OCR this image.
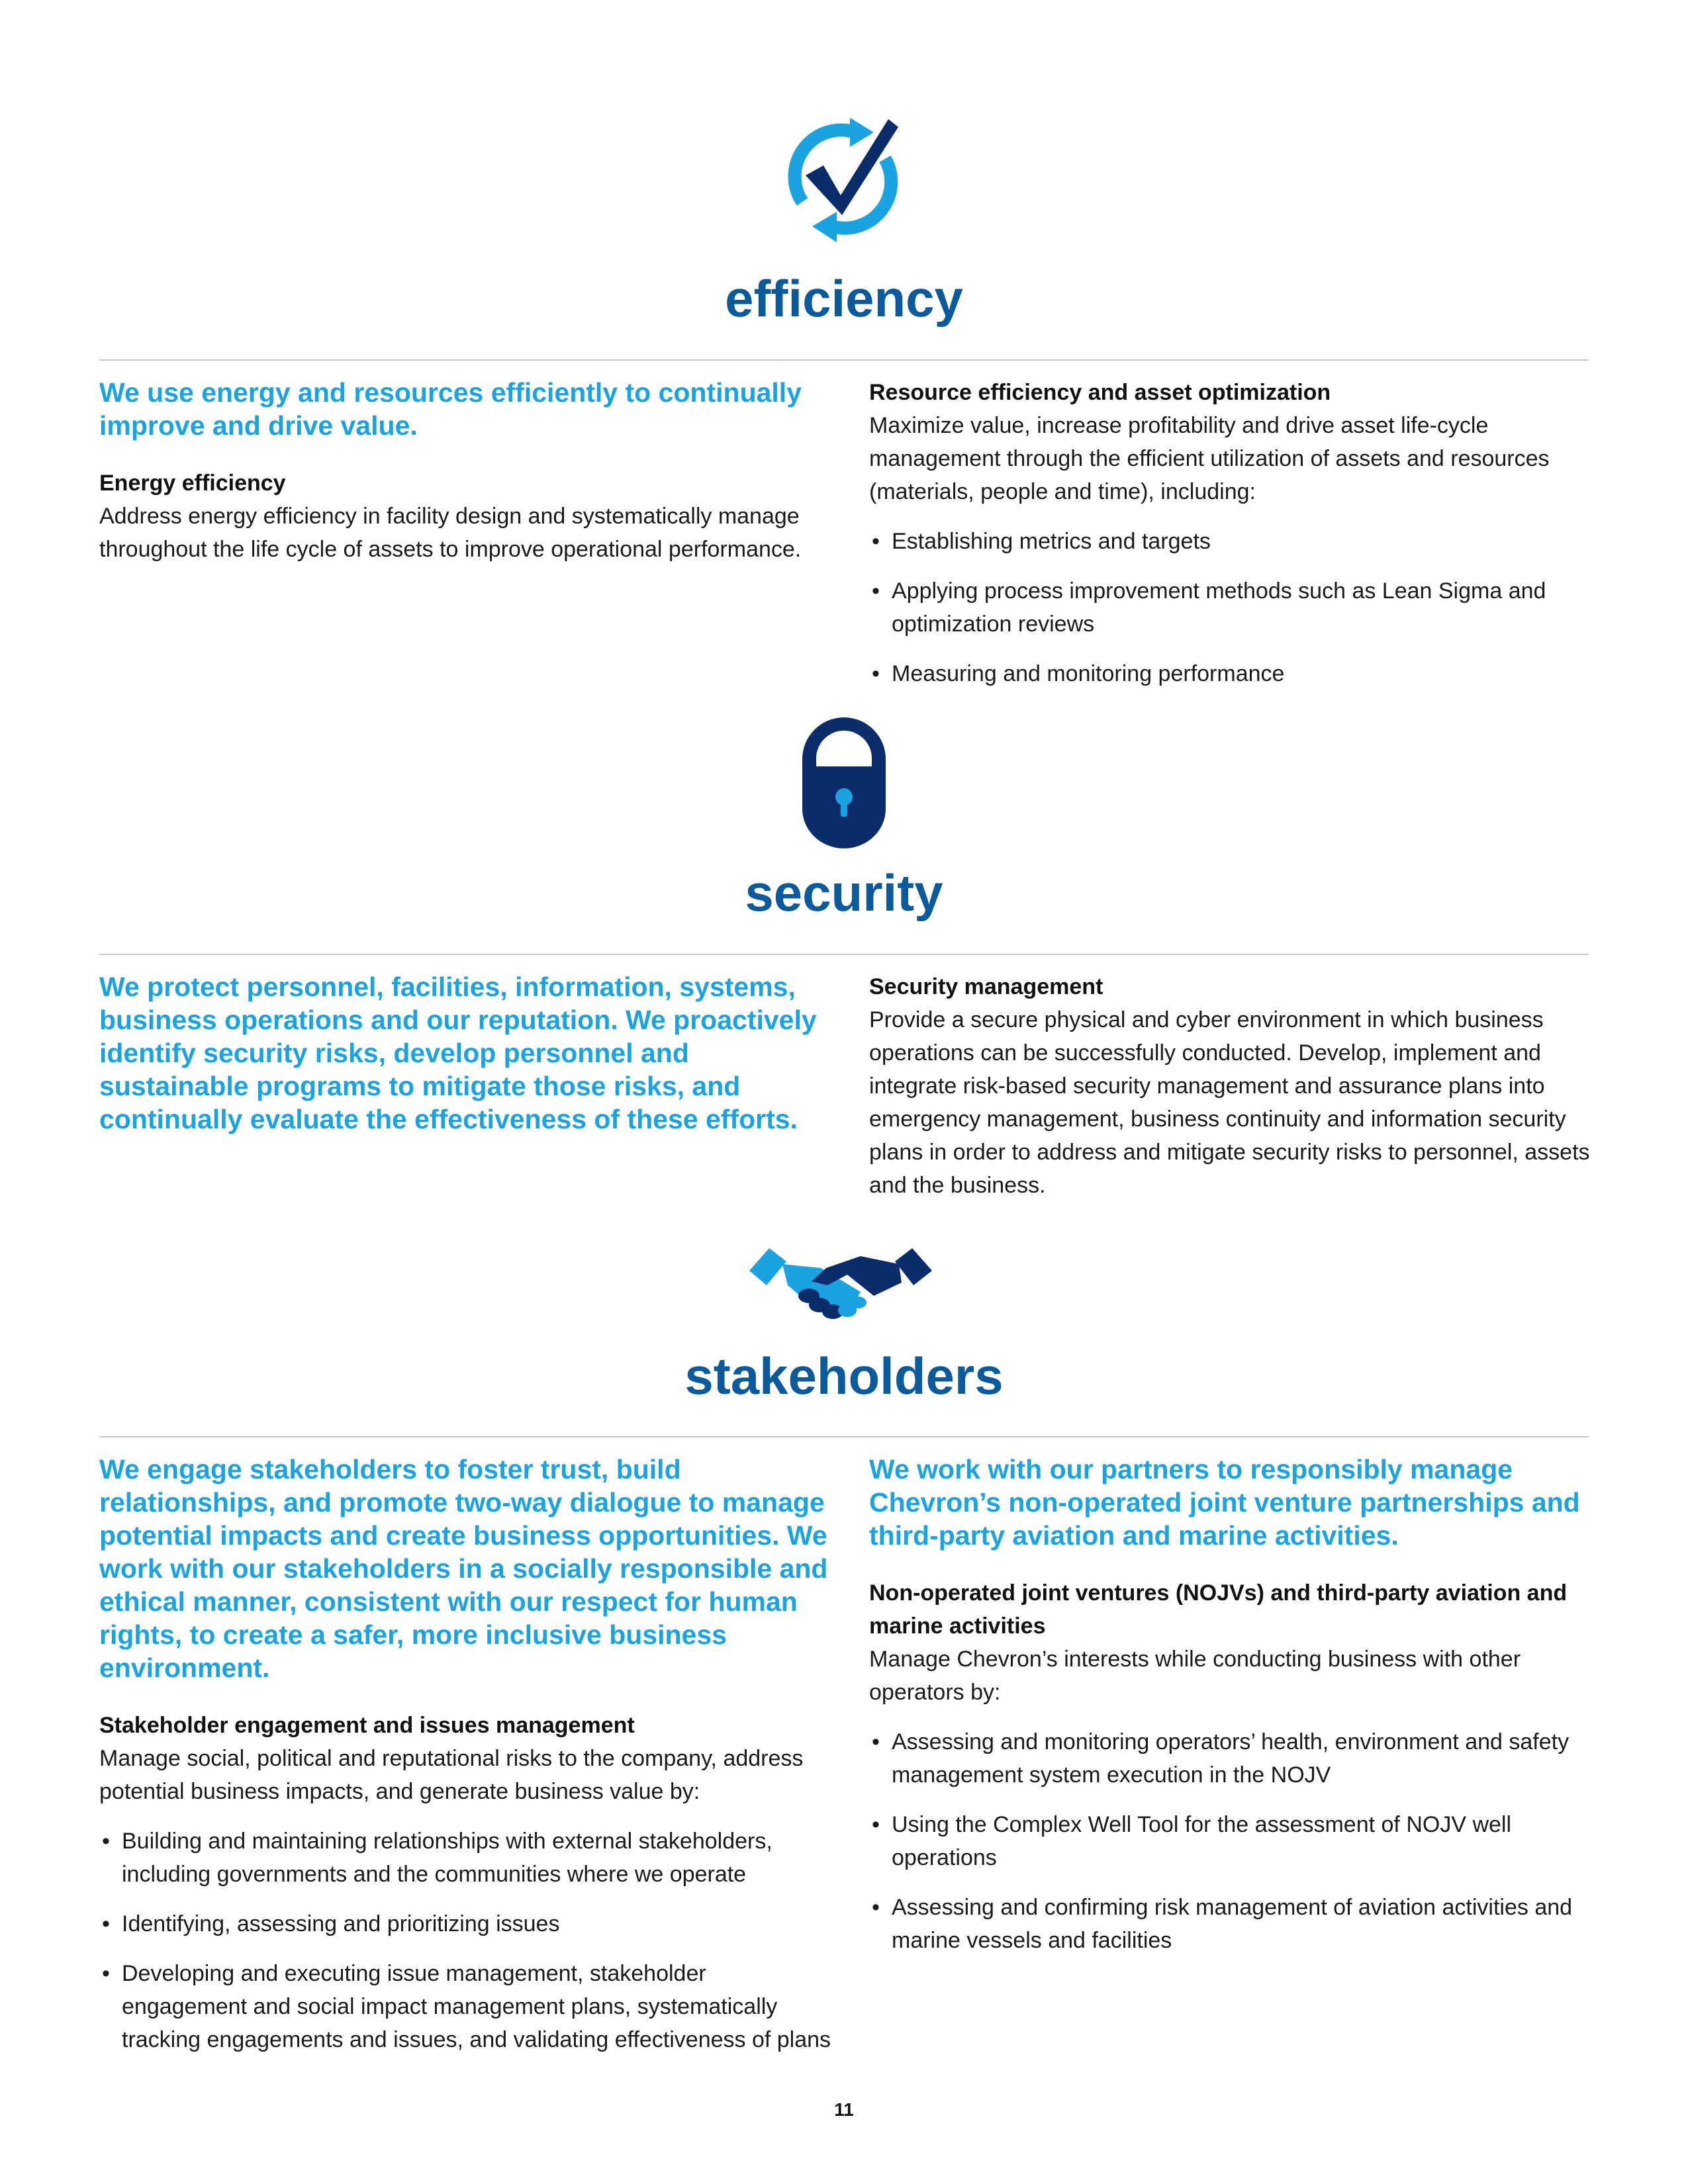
efficiency

We use energy and resources efficiently to continually improve and drive value.

Energy efficiency

Address energy efficiency in facility design and systematically manage throughout the life cycle of assets to improve operational performance.

Resource efficiency and asset optimization

Maximize value, increase profitability and drive asset life-cycle management through the efficient utilization of assets and resources (materials, people and time), including:

• Establishing metrics and targets
• Applying process improvement methods such as Lean Sigma and optimization reviews
• Measuring and monitoring performance
security

We protect personnel, facilities, information, systems, business operations and our reputation. We proactively identify security risks, develop personnel and sustainable programs to mitigate those risks, and continually evaluate the effectiveness of these efforts.

Security management

Provide a secure physical and cyber environment in which business operations can be successfully conducted. Develop, implement and integrate risk-based security management and assurance plans into emergency management, business continuity and information security plans in order to address and mitigate security risks to personnel, assets and the business.

stakeholders

We engage stakeholders to foster trust, build relationships, and promote two-way dialogue to manage potential impacts and create business opportunities. We work with our stakeholders in a socially responsible and ethical manner, consistent with our respect for human rights, to create a safer, more inclusive business environment.

Stakeholder engagement and issues management

Manage social, political and reputational risks to the company, address potential business impacts, and generate business value by:

• Building and maintaining relationships with external stakeholders, including governments and the communities where we operate
• Identifying, assessing and prioritizing issues
• Developing and executing issue management, stakeholder engagement and social impact management plans, systematically tracking engagements and issues, and validating effectiveness of plans

We work with our partners to responsibly manage Chevron’s non-operated joint venture partnerships and third-party aviation and marine activities.

Non-operated joint ventures (NOJVs) and third-party aviation and marine activities

Manage Chevron’s interests while conducting business with other operators by:

• Assessing and monitoring operators’ health, environment and safety management system execution in the NOJV
• Using the Complex Well Tool for the assessment of NOJV well operations
• Assessing and confirming risk management of aviation activities and marine vessels and facilities
11
